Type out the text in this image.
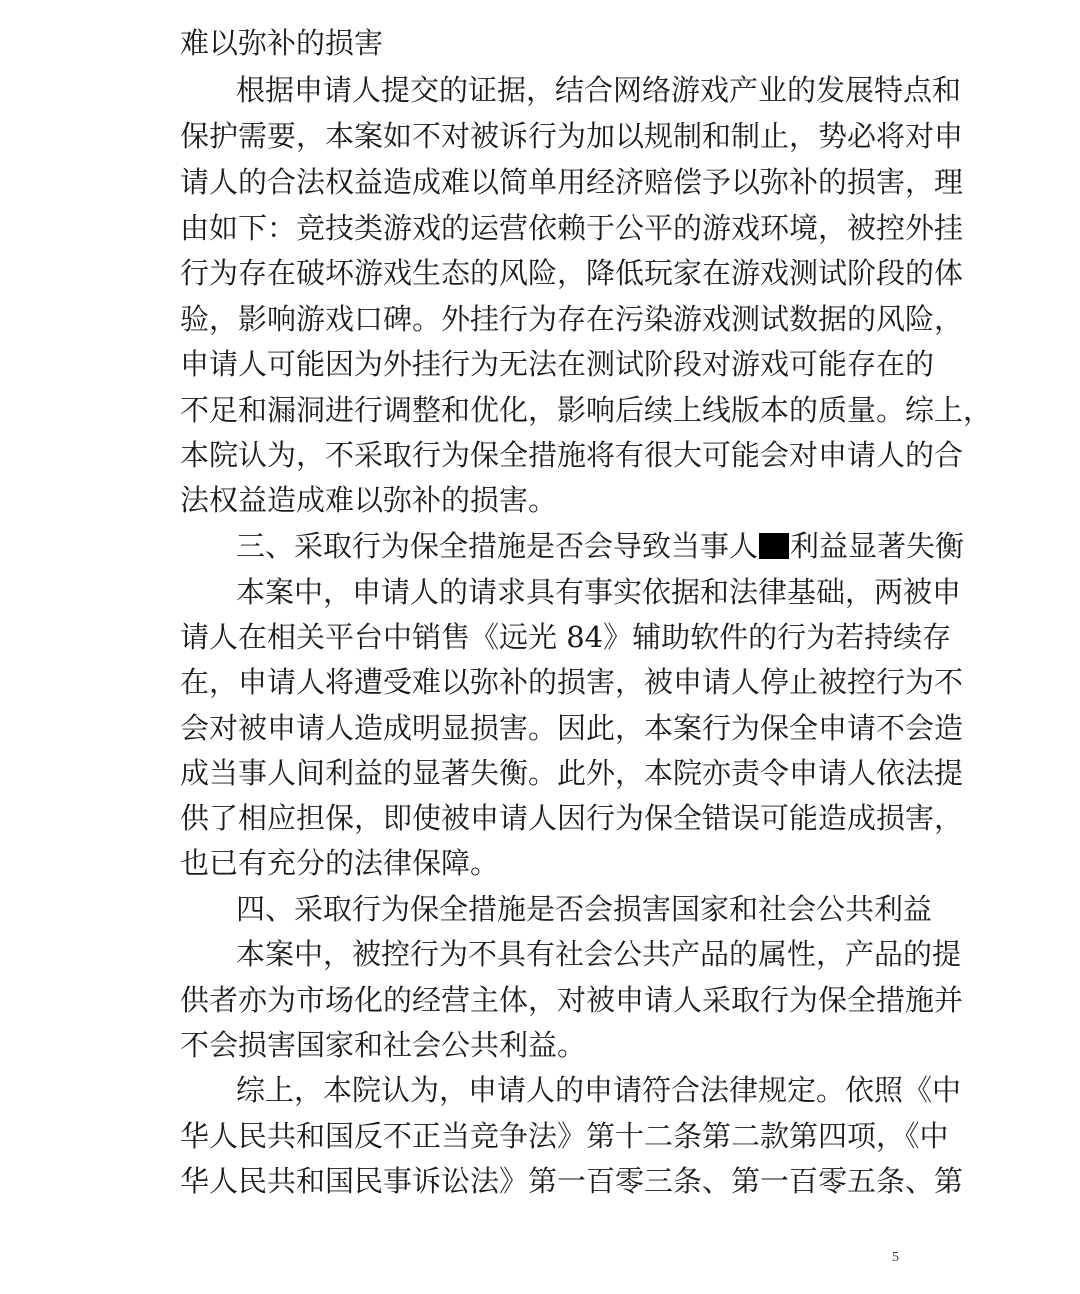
难以弥补的损害
根据申请人提交的证据，结合网络游戏产业的发展特点和
保护需要，本案如不对被诉行为加以规制和制止，势必将对申
请人的合法权益造成难以简单用经济赔偿予以弥补的损害，理
由如下：竞技类游戏的运营依赖于公平的游戏环境，被控外挂
行为存在破坏游戏生态的风险，降低玩家在游戏测试阶段的体
验，影响游戏口碑。外挂行为存在污染游戏测试数据的风险，
申请人可能因为外挂行为无法在测试阶段对游戏可能存在的
不足和漏洞进行调整和优化，影响后续上线版本的质量。综上，
本院认为，不采取行为保全措施将有很大可能会对申请人的合
法权益造成难以弥补的损害。
三、采取行为保全措施是否会导致当事人 利益显著失衡
本案中，申请人的请求具有事实依据和法律基础，两被申
请人在相关平台中销售《远光 84》辅助软件的行为若持续存
在，申请人将遭受难以弥补的损害，被申请人停止被控行为不
会对被申请人造成明显损害。因此，本案行为保全申请不会造
成当事人间利益的显著失衡。此外，本院亦责令申请人依法提
供了相应担保，即使被申请人因行为保全错误可能造成损害，
也已有充分的法律保障。
四、采取行为保全措施是否会损害国家和社会公共利益
本案中，被控行为不具有社会公共产品的属性，产品的提
供者亦为市场化的经营主体，对被申请人采取行为保全措施并
不会损害国家和社会公共利益。
综上，本院认为，申请人的申请符合法律规定。依照《中
华人民共和国反不正当竞争法》第十二条第二款第四项，《中
华人民共和国民事诉讼法》第一百零三条、第一百零五条、第
5
